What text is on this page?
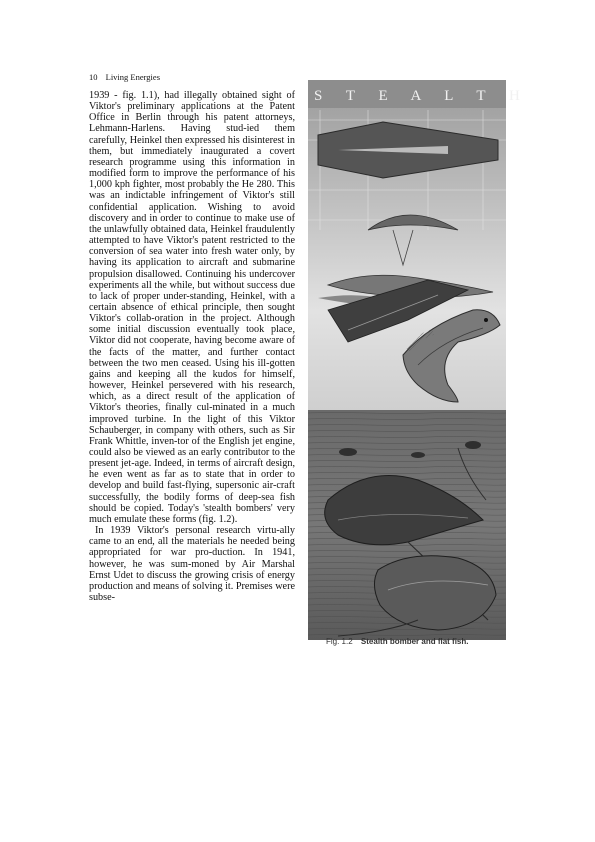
10 Living Energies

1939 - fig. 1.1), had illegally obtained sight of Viktor's preliminary applications at the Patent Office in Berlin through his patent attorneys, Lehmann-Harlens. Having stud-ied them carefully, Heinkel then expressed his disinterest in them, but immediately inaugurated a covert research programme using this information in modified form to improve the performance of his 1,000 kph fighter, most probably the He 280. This was an indictable infringement of Viktor's still confidential application. Wishing to avoid discovery and in order to continue to make use of the unlawfully obtained data, Heinkel fraudulently attempted to have Viktor's patent restricted to the conversion of sea water into fresh water only, by having its application to aircraft and submarine propulsion disallowed. Continuing his undercover experiments all the while, but without success due to lack of proper under-standing, Heinkel, with a certain absence of ethical principle, then sought Viktor's collab-oration in the project. Although some initial discussion eventually took place, Viktor did not cooperate, having become aware of the facts of the matter, and further contact between the two men ceased. Using his ill-gotten gains and keeping all the kudos for himself, however, Heinkel persevered with his research, which, as a direct result of the application of Viktor's theories, finally cul-minated in a much improved turbine. In the light of this Viktor Schauberger, in company with others, such as Sir Frank Whittle, inven-tor of the English jet engine, could also be viewed as an early contributor to the present jet-age. Indeed, in terms of aircraft design, he even went as far as to state that in order to develop and build fast-flying, supersonic air-craft successfully, the bodily forms of deep-sea fish should be copied. Today's 'stealth bombers' very much emulate these forms (fig. 1.2).

In 1939 Viktor's personal research virtu-ally came to an end, all the materials he needed being appropriated for war pro-duction. In 1941, however, he was sum-moned by Air Marshal Ernst Udet to discuss the growing crisis of energy production and means of solving it. Premises were subse-

S T E A L T H
Fig. 1.2 Stealth bomber and flat fish.
